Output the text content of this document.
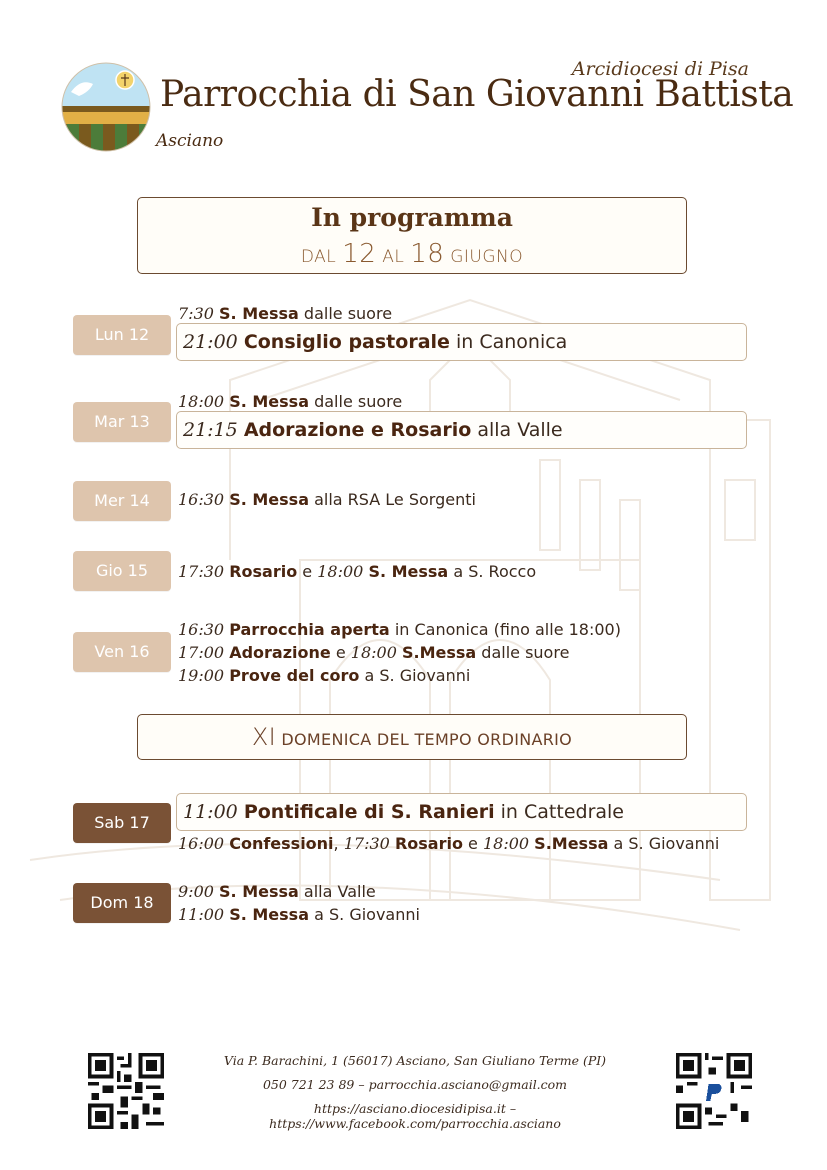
Arcidiocesi di Pisa
Parrocchia di San Giovanni Battista
Asciano
In programma
DAL 12 AL 18 GIUGNO
Lun 12
7:30 S. Messa dalle suore
21:00 Consiglio pastorale in Canonica
Mar 13
18:00 S. Messa dalle suore
21:15 Adorazione e Rosario alla Valle
Mer 14	16:30 S. Messa alla RSA Le Sorgenti
Gio 15	17:30 Rosario e 18:00 S. Messa a S. Rocco
Ven 16
16:30 Parrocchia aperta in Canonica (fino alle 18:00)
17:00 Adorazione e 18:00 S.Messa dalle suore
19:00 Prove del coro a S. Giovanni
XI DOMENICA DEL TEMPO ORDINARIO
Sab 17	11:00 Pontificale di S. Ranieri in Cattedrale
16:00 Confessioni, 17:30 Rosario e 18:00 S.Messa a S. Giovanni
Dom 18
9:00 S. Messa alla Valle
11:00 S. Messa a S. Giovanni
Via P. Barachini, 1 (56017) Asciano, San Giuliano Terme (PI)
050 721 23 89 – parrocchia.asciano@gmail.com
https://asciano.diocesidipisa.it – https://www.facebook.com/parrocchia.asciano
